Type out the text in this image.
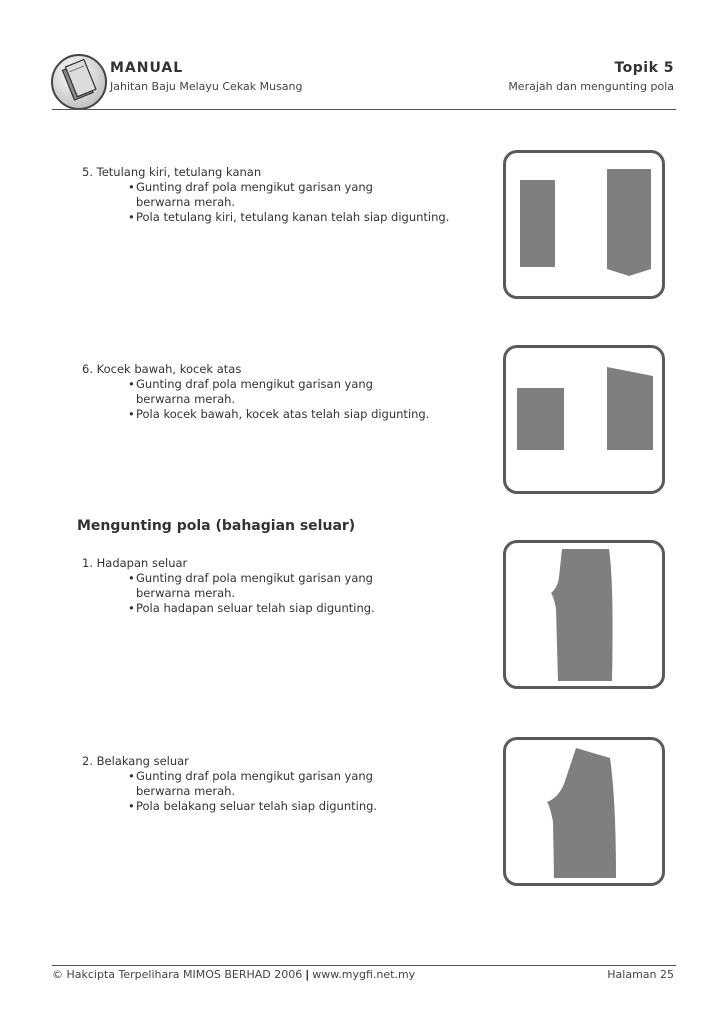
MANUAL
Jahitan Baju Melayu Cekak Musang
Topik 5
Merajah dan mengunting pola
5. Tetulang kiri, tetulang kanan
• Gunting draf pola mengikut garisan yang
berwarna merah.
• Pola tetulang kiri, tetulang kanan telah siap digunting.
6. Kocek bawah, kocek atas
• Gunting draf pola mengikut garisan yang
berwarna merah.
• Pola kocek bawah, kocek atas telah siap digunting.
Mengunting pola (bahagian seluar)
1. Hadapan seluar
• Gunting draf pola mengikut garisan yang
berwarna merah.
• Pola hadapan seluar telah siap digunting.
2. Belakang seluar
• Gunting draf pola mengikut garisan yang
berwarna merah.
• Pola belakang seluar telah siap digunting.
© Hakcipta Terpelihara MIMOS BERHAD 2006 | www.mygfi.net.my	Halaman 25
